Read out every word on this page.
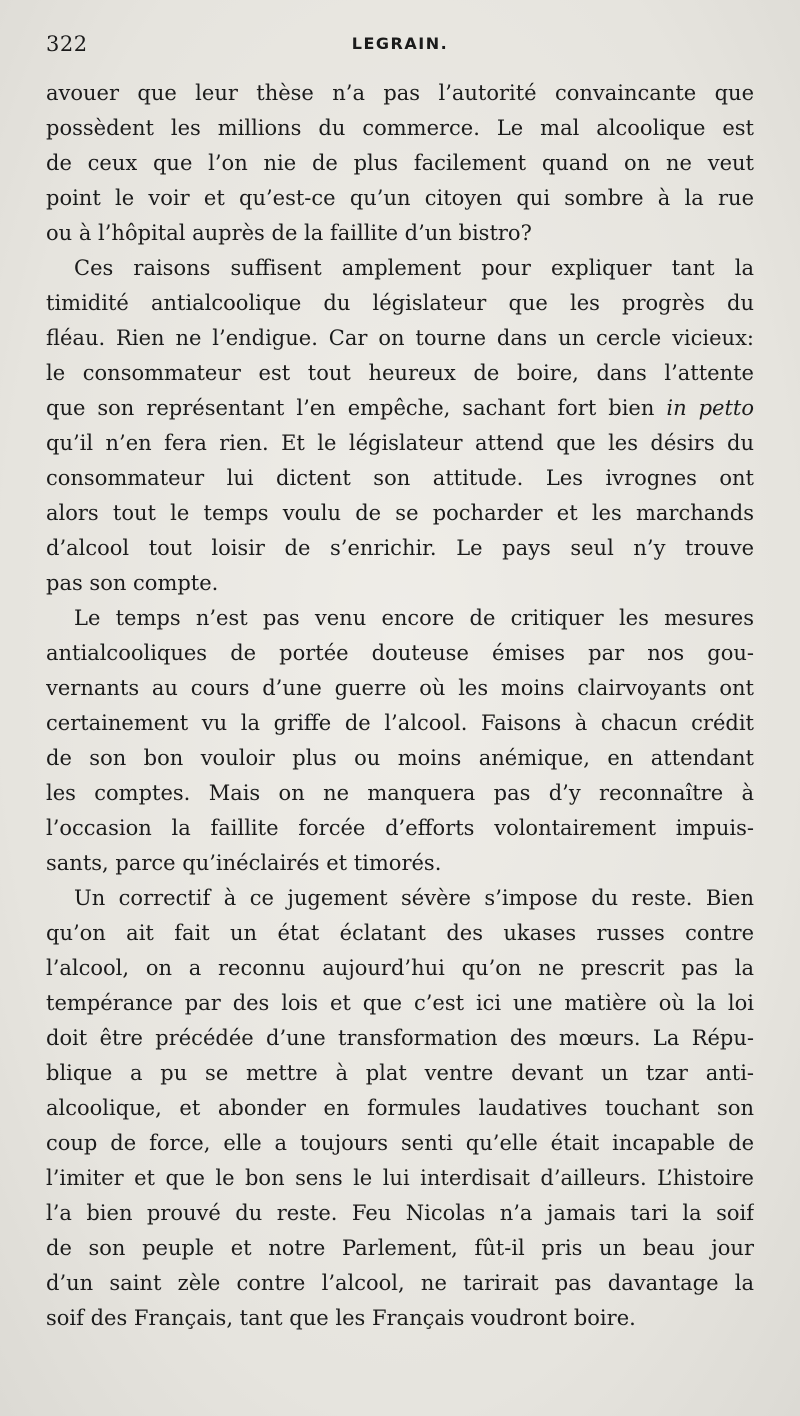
322	LEGRAIN.
avouer que leur thèse n’a pas l’autorité convaincante que
possèdent les millions du commerce. Le mal alcoolique est
de ceux que l’on nie de plus facilement quand on ne veut
point le voir et qu’est-ce qu’un citoyen qui sombre à la rue
ou à l’hôpital auprès de la faillite d’un bistro?
Ces raisons suffisent amplement pour expliquer tant la
timidité antialcoolique du législateur que les progrès du
fléau. Rien ne l’endigue. Car on tourne dans un cercle vicieux:
le consommateur est tout heureux de boire, dans l’attente
que son représentant l’en empêche, sachant fort bien in petto
qu’il n’en fera rien. Et le législateur attend que les désirs du
consommateur lui dictent son attitude. Les ivrognes ont
alors tout le temps voulu de se pocharder et les marchands
d’alcool tout loisir de s’enrichir. Le pays seul n’y trouve
pas son compte.
Le temps n’est pas venu encore de critiquer les mesures
antialcooliques de portée douteuse émises par nos gou-
vernants au cours d’une guerre où les moins clairvoyants ont
certainement vu la griffe de l’alcool. Faisons à chacun crédit
de son bon vouloir plus ou moins anémique, en attendant
les comptes. Mais on ne manquera pas d’y reconnaître à
l’occasion la faillite forcée d’efforts volontairement impuis-
sants, parce qu’inéclairés et timorés.
Un correctif à ce jugement sévère s’impose du reste. Bien
qu’on ait fait un état éclatant des ukases russes contre
l’alcool, on a reconnu aujourd’hui qu’on ne prescrit pas la
tempérance par des lois et que c’est ici une matière où la loi
doit être précédée d’une transformation des mœurs. La Répu-
blique a pu se mettre à plat ventre devant un tzar anti-
alcoolique, et abonder en formules laudatives touchant son
coup de force, elle a toujours senti qu’elle était incapable de
l’imiter et que le bon sens le lui interdisait d’ailleurs. L’histoire
l’a bien prouvé du reste. Feu Nicolas n’a jamais tari la soif
de son peuple et notre Parlement, fût-il pris un beau jour
d’un saint zèle contre l’alcool, ne tarirait pas davantage la
soif des Français, tant que les Français voudront boire.
